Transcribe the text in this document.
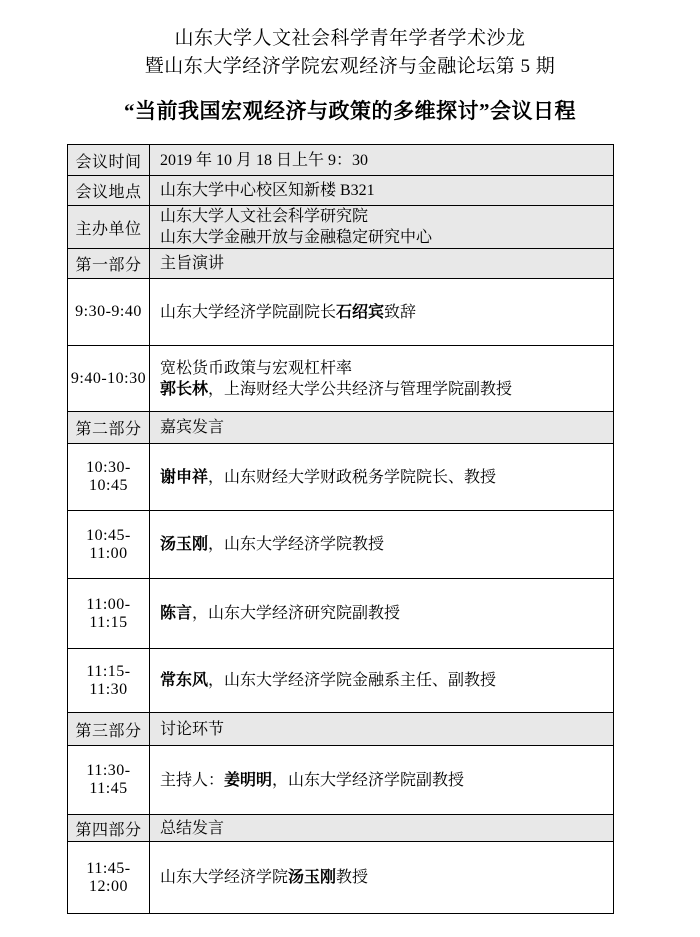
山东大学人文社会科学青年学者学术沙龙
暨山东大学经济学院宏观经济与金融论坛第 5 期
“当前我国宏观经济与政策的多维探讨”会议日程
会议时间	2019 年 10 月 18 日上午 9：30

会议地点	山东大学中心校区知新楼 B321

主办单位	山东大学人文社会科学研究院
山东大学金融开放与金融稳定研究中心

第一部分	主旨演讲

9:30-9:40	山东大学经济学院副院长石绍宾致辞

9:40-10:30	宽松货币政策与宏观杠杆率
郭长林，上海财经大学公共经济与管理学院副教授

第二部分	嘉宾发言

10:30-10:45	谢申祥，山东财经大学财政税务学院院长、教授

10:45-11:00	汤玉刚，山东大学经济学院教授

11:00-11:15	陈言，山东大学经济研究院副教授

11:15-11:30	常东风，山东大学经济学院金融系主任、副教授

第三部分	讨论环节

11:30-11:45	主持人：姜明明，山东大学经济学院副教授

第四部分	总结发言

11:45-12:00	山东大学经济学院汤玉刚教授
